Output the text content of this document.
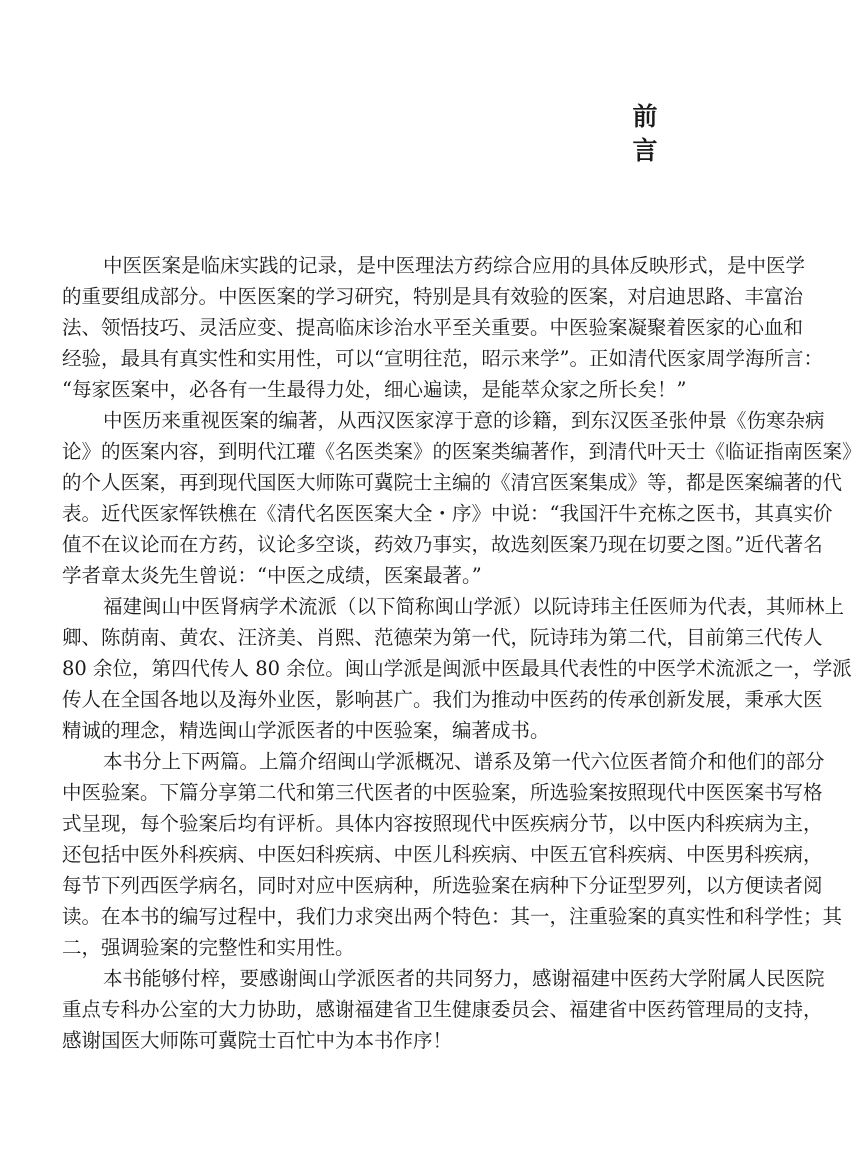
前
言
中医医案是临床实践的记录，是中医理法方药综合应用的具体反映形式，是中医学
的重要组成部分。中医医案的学习研究，特别是具有效验的医案，对启迪思路、丰富治
法、领悟技巧、灵活应变、提高临床诊治水平至关重要。中医验案凝聚着医家的心血和
经验，最具有真实性和实用性，可以“宣明往范，昭示来学”。正如清代医家周学海所言：
“每家医案中，必各有一生最得力处，细心遍读，是能萃众家之所长矣！”
中医历来重视医案的编著，从西汉医家淳于意的诊籍，到东汉医圣张仲景《伤寒杂病
论》的医案内容，到明代江瓘《名医类案》的医案类编著作，到清代叶天士《临证指南医案》
的个人医案，再到现代国医大师陈可冀院士主编的《清宫医案集成》等，都是医案编著的代
表。近代医家恽铁樵在《清代名医医案大全・序》中说：“我国汗牛充栋之医书，其真实价
值不在议论而在方药，议论多空谈，药效乃事实，故选刻医案乃现在切要之图。”近代著名
学者章太炎先生曾说：“中医之成绩，医案最著。”
福建闽山中医肾病学术流派（以下简称闽山学派）以阮诗玮主任医师为代表，其师林上
卿、陈荫南、黄农、汪济美、肖熙、范德荣为第一代，阮诗玮为第二代，目前第三代传人
80 余位，第四代传人 80 余位。闽山学派是闽派中医最具代表性的中医学术流派之一，学派
传人在全国各地以及海外业医，影响甚广。我们为推动中医药的传承创新发展，秉承大医
精诚的理念，精选闽山学派医者的中医验案，编著成书。
本书分上下两篇。上篇介绍闽山学派概况、谱系及第一代六位医者简介和他们的部分
中医验案。下篇分享第二代和第三代医者的中医验案，所选验案按照现代中医医案书写格
式呈现，每个验案后均有评析。具体内容按照现代中医疾病分节，以中医内科疾病为主，
还包括中医外科疾病、中医妇科疾病、中医儿科疾病、中医五官科疾病、中医男科疾病，
每节下列西医学病名，同时对应中医病种，所选验案在病种下分证型罗列，以方便读者阅
读。在本书的编写过程中，我们力求突出两个特色：其一，注重验案的真实性和科学性；其
二，强调验案的完整性和实用性。
本书能够付梓，要感谢闽山学派医者的共同努力，感谢福建中医药大学附属人民医院
重点专科办公室的大力协助，感谢福建省卫生健康委员会、福建省中医药管理局的支持，
感谢国医大师陈可冀院士百忙中为本书作序！
